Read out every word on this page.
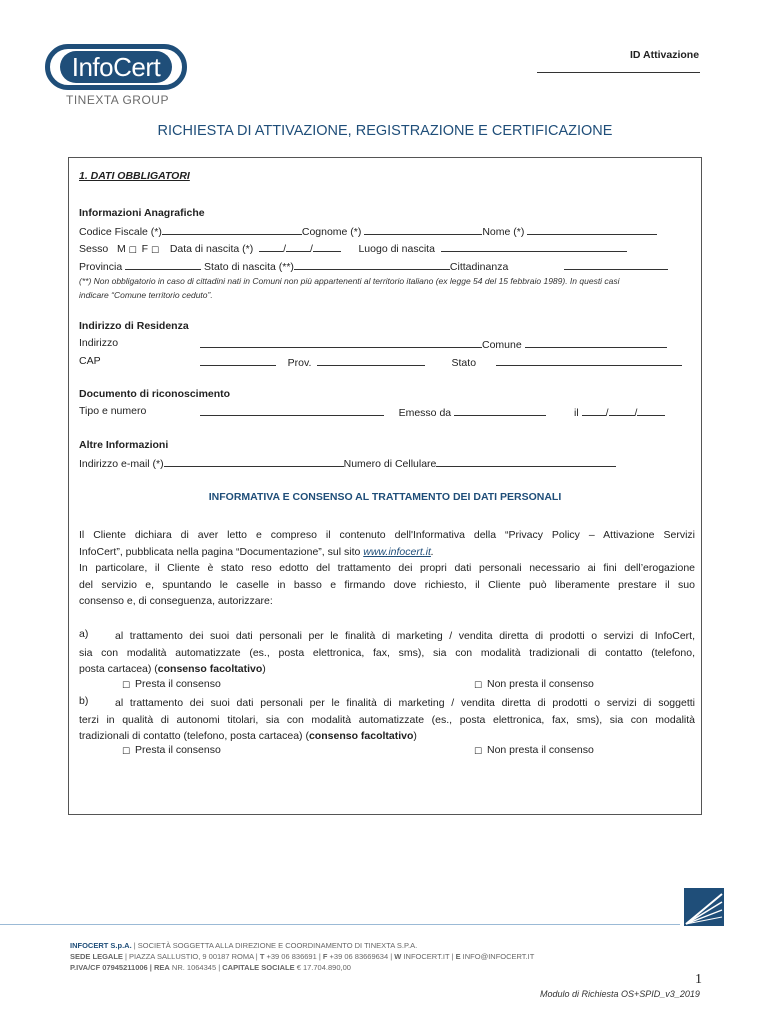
InfoCert
TINEXTA GROUP
ID Attivazione
RICHIESTA DI ATTIVAZIONE, REGISTRAZIONE E CERTIFICAZIONE
1. DATI OBBLIGATORI
Informazioni Anagrafiche
Codice Fiscale (*)	Cognome (*)	Nome (*)
Sesso M ☐ F ☐ Data di nascita (*)	/ /	Luogo di nascita
Provincia	Stato di nascita (**)	Cittadinanza
(**) Non obbligatorio in caso di cittadini nati in Comuni non più appartenenti al territorio italiano (ex legge 54 del 15 febbraio 1989). In questi casi
indicare “Comune territorio ceduto”.
Indirizzo di Residenza
Indirizzo	Comune
CAP	Prov.	Stato
Documento di riconoscimento
Tipo e numero	Emesso da	il	/ /
Altre Informazioni
Indirizzo e-mail (*)	Numero di Cellulare
INFORMATIVA E CONSENSO AL TRATTAMENTO DEI DATI PERSONALI
Il Cliente dichiara di aver letto e compreso il contenuto dell'Informativa della “Privacy Policy – Attivazione Servizi
InfoCert”, pubblicata nella pagina “Documentazione”, sul sito www.infocert.it.
In particolare, il Cliente è stato reso edotto del trattamento dei propri dati personali necessario ai fini dell’erogazione
del servizio e, spuntando le caselle in basso e firmando dove richiesto, il Cliente può liberamente prestare il suo
consenso e, di conseguenza, autorizzare:
a)	al trattamento dei suoi dati personali per le finalità di marketing / vendita diretta di prodotti o servizi di InfoCert,
sia con modalità automatizzate (es., posta elettronica, fax, sms), sia con modalità tradizionali di contatto (telefono,
posta cartacea) (consenso facoltativo)
☐ Presta il consenso	☐ Non presta il consenso
b)	al trattamento dei suoi dati personali per le finalità di marketing / vendita diretta di prodotti o servizi di soggetti
terzi in qualità di autonomi titolari, sia con modalità automatizzate (es., posta elettronica, fax, sms), sia con modalità
tradizionali di contatto (telefono, posta cartacea) (consenso facoltativo)
☐ Presta il consenso	☐ Non presta il consenso
INFOCERT S.p.A. | SOCIETÀ SOGGETTA ALLA DIREZIONE E COORDINAMENTO DI TINEXTA S.P.A.
SEDE LEGALE | PIAZZA SALLUSTIO, 9 00187 ROMA | T +39 06 836691 | F +39 06 83669634 | W INFOCERT.IT | E INFO@INFOCERT.IT
P.IVA/CF 07945211006 | REA NR. 1064345 | CAPITALE SOCIALE € 17.704.890,00
1
Modulo di Richiesta OS+SPID_v3_2019
